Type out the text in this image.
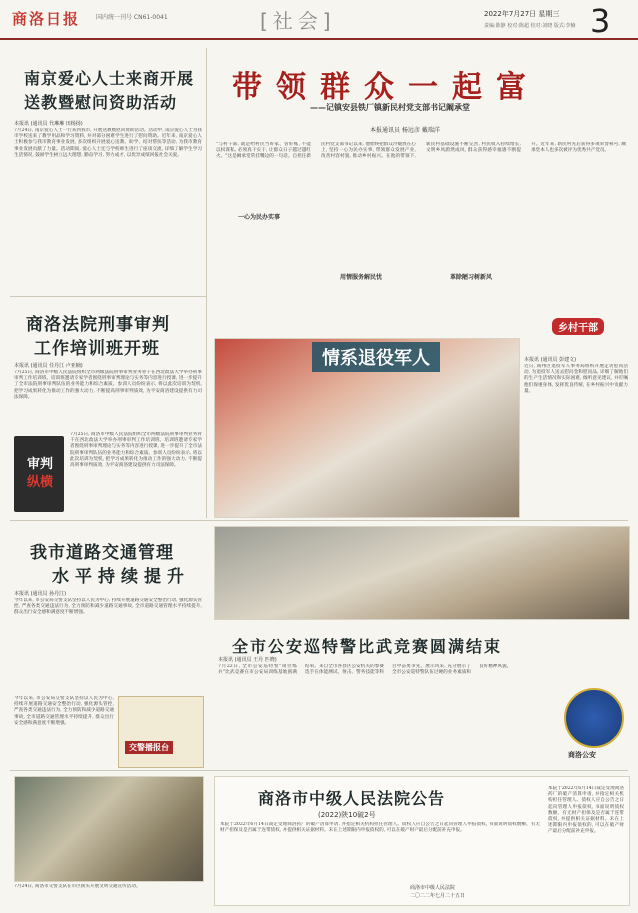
商洛日报	国内统一刊号 CN61-0041	[社会]	2022年7月27日 星期三
责编:陈静 校对:陈超 校对:刘晓 版式:李楠 3
南京爱心人士来商开展
送教暨慰问资助活动
本报讯 (通讯员 代琳琳 田杨扬)
7月24日, 南京爱心人士一行来到我市, 开展送教暨慰问资助活动。活动中, 南京爱心人士为我市学校送来了教学用品和学习资料, 并对部分困难学生进行了慰问资助。近年来, 南京爱心人士积极参与我市教育事业发展, 多次组织开展爱心送教、助学、结对帮扶等活动, 为我市教育事业发展贡献了力量。活动期间, 爱心人士还与学校师生进行了座谈交流, 详细了解学生学习生活情况, 鼓励学生树立远大理想, 勤奋学习, 努力成才, 以优异成绩回报社会关爱。
带领群众一起富
——记镇安县铁厂镇新民村党支部书记阚承堂
本报通讯员 杨远彦 戴瑞洋
"与村干部, 就是给村民当好家、管好账, 不能以权谋私, 必须真干实干, 让群众日子越过越红火。"这是阚承堂常挂嘴边的一句话。自担任新民村党支部书记以来, 他始终把群众冷暖放在心上, 坚持一心为民办实事, 带领群众发展产业, 改善村容村貌, 推动乡村振兴。在他的带领下, 新民村基础设施不断完善, 村民收入持续增长, 文明乡风蔚然成风, 群众获得感幸福感不断提升。近年来, 新民村先后获得多项荣誉称号, 阚承堂本人也多次被评为优秀共产党员。
一心为民办实事
用情服务解民忧	革除陋习树新风
乡村干部
情系退役军人	本报讯 (通讯员 彭建文)
近日, 商州区退役军人事务局组织开展走访慰问活动, 为退役军人送去慰问金和慰问品, 详细了解他们的生产生活情况和实际困难, 倾听意见建议, 并叮嘱他们保重身体, 发挥优良传统, 在乡村振兴中贡献力量。
商洛法院刑事审判
工作培训班开班
本报讯 (通讯员 任丹江 卢亚楠)
7月25日, 商洛市中级人民法院组织全市两级法院刑事审判业务骨干在西北政法大学举办刑事审判工作培训班。培训班邀请专家学者围绕刑事审判理论与实务等内容进行授课, 进一步提升了全市法院刑事审判队伍的业务能力和综合素质。参训人员纷纷表示, 将以此次培训为契机, 把学习成果转化为推动工作的强大动力, 不断提高刑事审判质效, 为平安商洛建设提供有力司法保障。
7月25日, 商洛市中级人民法院组织全市两级法院刑事审判业务骨干在西北政法大学举办刑事审判工作培训班。培训班邀请专家学者围绕刑事审判理论与实务等内容进行授课, 进一步提升了全市法院刑事审判队伍的业务能力和综合素质。参训人员纷纷表示, 将以此次培训为契机, 把学习成果转化为推动工作的强大动力, 不断提高刑事审判质效, 为平安商洛建设提供有力司法保障。
审判
纵横
我市道路交通管理
水平持续提升
本报讯 (通讯员 孙丹江)
今年以来, 市公安局交警支队坚持以人民为中心, 持续开展道路交通安全整治行动, 强化源头管控, 严查各类交通违法行为, 全力预防和减少道路交通事故, 全市道路交通管理水平持续提升, 群众出行安全感和满意度不断增强。
交警播报台
今年以来, 市公安局交警支队坚持以人民为中心, 持续开展道路交通安全整治行动, 强化源头管控, 严查各类交通违法行为, 全力预防和减少道路交通事故, 全市道路交通管理水平持续提升, 群众出行安全感和满意度不断增强。
全市公安巡特警比武竞赛圆满结束
本报讯 (通讯员 王丹 匹晓)
7月22日, 全市公安巡特警"岗位练兵"比武竞赛在市公安局训练基地圆满结束。来自全市各县区公安机关的参赛选手在体能测试、射击、警务技能等科目中奋勇争先、展示风采, 充分展示了全市公安巡特警队伍过硬的业务素质和良好精神风貌。
商洛公安
7月24日, 商洛市交警支队在市区街头开展文明交通宣传活动。
商洛市中级人民法院公告
(2022)陕10破2号
本院于2022年6月14日裁定受理商洛药厂的破产清算申请, 并指定相关机构担任管理人。债权人应自公告之日起向管理人申报债权, 书面说明债权数额、有无财产担保及是否属于连带债权, 并提供相关证据材料。未在上述期限内申报债权的, 可以在破产财产最后分配前补充申报。
商洛市中级人民法院
二〇二二年七月二十五日
本院于2022年6月14日裁定受理商洛药厂的破产清算申请, 并指定相关机构担任管理人。债权人应自公告之日起向管理人申报债权, 书面说明债权数额、有无财产担保及是否属于连带债权, 并提供相关证据材料。未在上述期限内申报债权的, 可以在破产财产最后分配前补充申报。
